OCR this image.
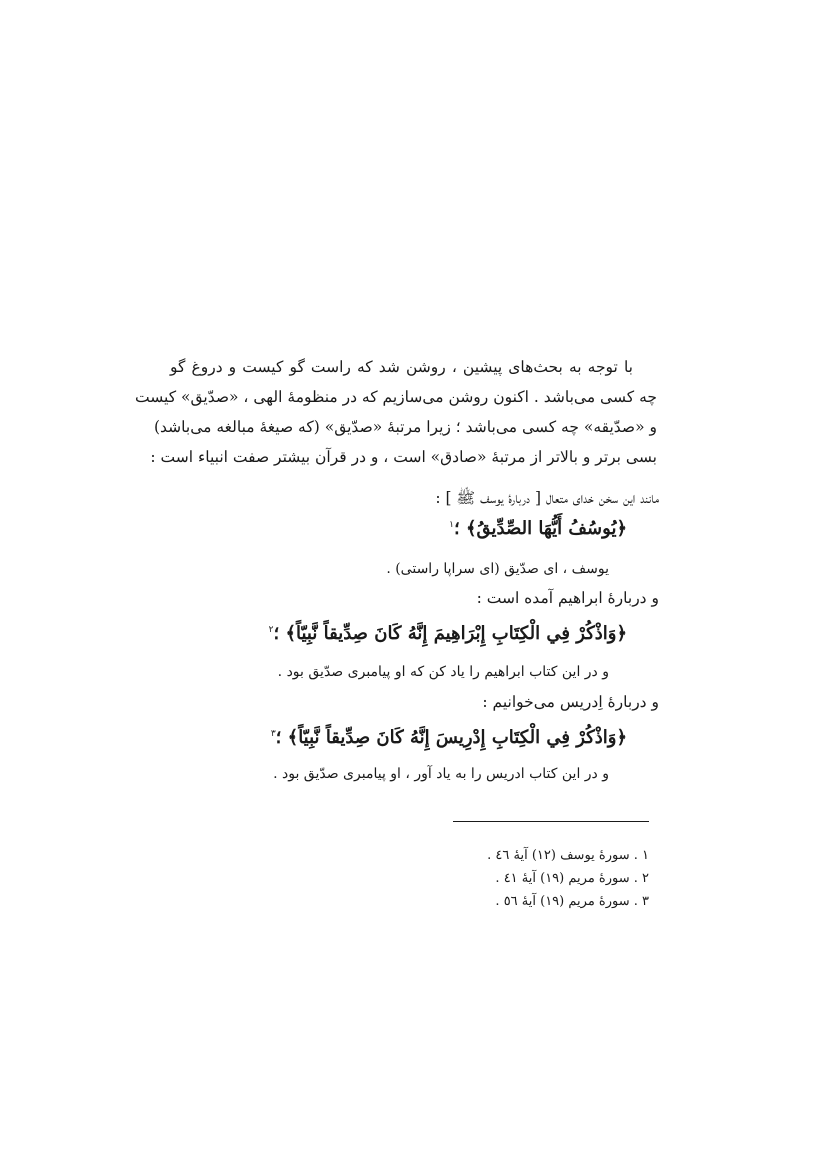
با توجه به بحث‌های پیشین ، روشن شد که راست گو کیست و دروغ گو
چه کسی می‌باشد . اکنون روشن می‌سازیم که در منظومهٔ الهی ، «صدّیق» کیست
و «صدّیقه» چه کسی می‌باشد ؛ زیرا مرتبهٔ «صدّیق» (که صیغهٔ مبالغه می‌باشد)
بسی برتر و بالاتر از مرتبهٔ «صادق» است ، و در قرآن بیشتر صفت انبیاء است :
مانند این سخن خدای متعال [ دربارهٔ یوسف ﷺ ] :
﴿يُوسُفُ أَيُّهَا الصِّدِّيقُ﴾ ؛$^١$
یوسف ، ای صدّیق (ای سراپا راستی) .
و دربارهٔ ابراهیم آمده است :
﴿وَاذْكُرْ فِي الْكِتَابِ إِبْرَاهِيمَ إِنَّهُ كَانَ صِدِّيقاً نَّبِيّاً﴾ ؛$^٢$
و در این کتاب ابراهیم را یاد کن که او پیامبری صدّیق بود .
و دربارهٔ اِدریس می‌خوانیم :
﴿وَاذْكُرْ فِي الْكِتَابِ إِدْرِيسَ إِنَّهُ كَانَ صِدِّيقاً نَّبِيّاً﴾ ؛$^٣$
و در این کتاب ادریس را به یاد آور ، او پیامبری صدّیق بود .
١ . سورهٔ یوسف (١٢) آیهٔ ٤٦ .
٢ . سورهٔ مریم (١٩) آیهٔ ٤١ .
٣ . سورهٔ مریم (١٩) آیهٔ ٥٦ .
